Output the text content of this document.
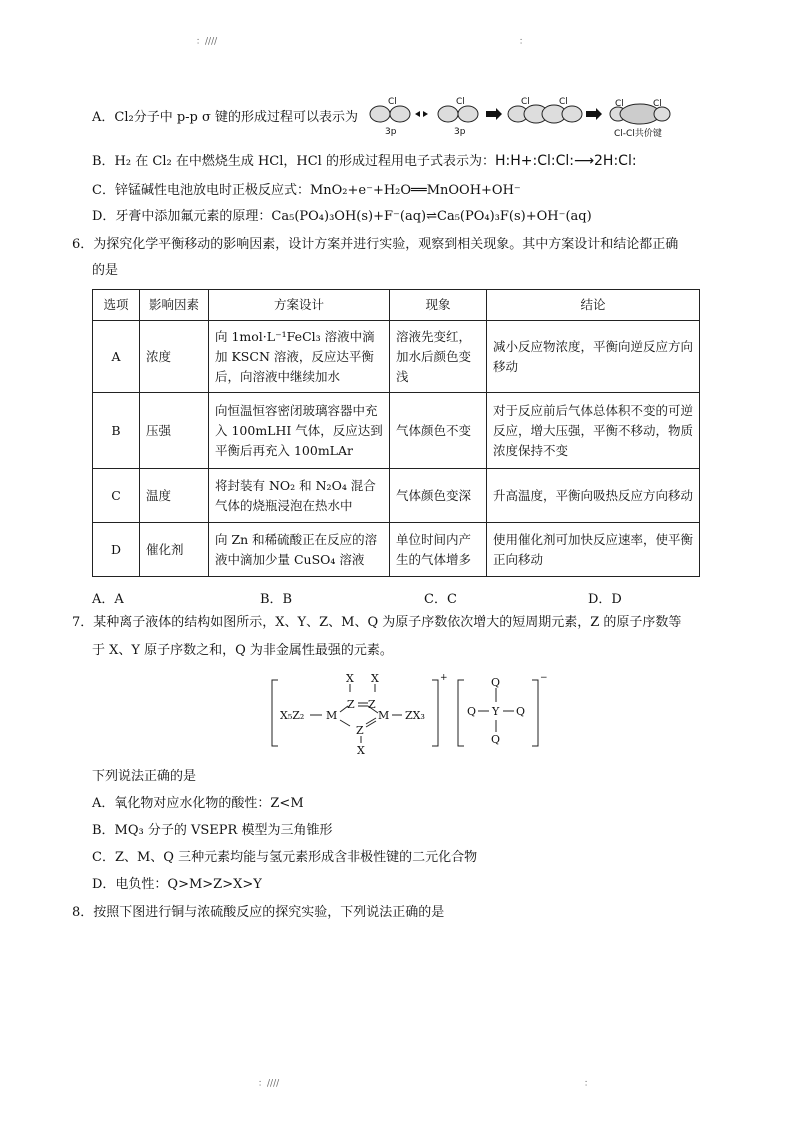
：////	：
A．Cl₂分子中 p-p σ 键的形成过程可以表示为
Cl	Cl	Cl	Cl	Cl	Cl
3p	3p	Cl-Cl共价键
B．H₂ 在 Cl₂ 在中燃烧生成 HCl，HCl 的形成过程用电子式表示为：H:H+:Cl:Cl:⟶2H:Cl:
C．锌锰碱性电池放电时正极反应式：MnO₂+e⁻+H₂O══MnOOH+OH⁻
D．牙膏中添加氟元素的原理：Ca₅(PO₄)₃OH(s)+F⁻(aq)⇌Ca₅(PO₄)₃F(s)+OH⁻(aq)
6．为探究化学平衡移动的影响因素，设计方案并进行实验，观察到相关现象。其中方案设计和结论都正确
的是
选项	影响因素	方案设计	现象	结论
A	浓度	向 1mol·L⁻¹FeCl₃ 溶液中滴加 KSCN 溶液，反应达平衡后，向溶液中继续加水	溶液先变红，加水后颜色变浅	减小反应物浓度，平衡向逆反应方向移动
B	压强	向恒温恒容密闭玻璃容器中充入 100mLHI 气体，反应达到平衡后再充入 100mLAr	气体颜色不变	对于反应前后气体总体积不变的可逆反应，增大压强，平衡不移动，物质浓度保持不变
C	温度	将封装有 NO₂ 和 N₂O₄ 混合气体的烧瓶浸泡在热水中	气体颜色变深	升高温度，平衡向吸热反应方向移动
D	催化剂	向 Zn 和稀硫酸正在反应的溶液中滴加少量 CuSO₄ 溶液	单位时间内产生的气体增多	使用催化剂可加快反应速率，使平衡正向移动
A．A	B．B	C．C	D．D
7．某种离子液体的结构如图所示，X、Y、Z、M、Q 为原子序数依次增大的短周期元素，Z 的原子序数等
于 X、Y 原子序数之和，Q 为非金属性最强的元素。
X₅Z₂ M
X X
Z Z
Z
M
X
ZX₃
+	Q
Q Y Q
Q
−
下列说法正确的是
A．氧化物对应水化物的酸性：Z<M
B．MQ₃ 分子的 VSEPR 模型为三角锥形
C．Z、M、Q 三种元素均能与氢元素形成含非极性键的二元化合物
D．电负性：Q>M>Z>X>Y
8．按照下图进行铜与浓硫酸反应的探究实验，下列说法正确的是
：////	：
